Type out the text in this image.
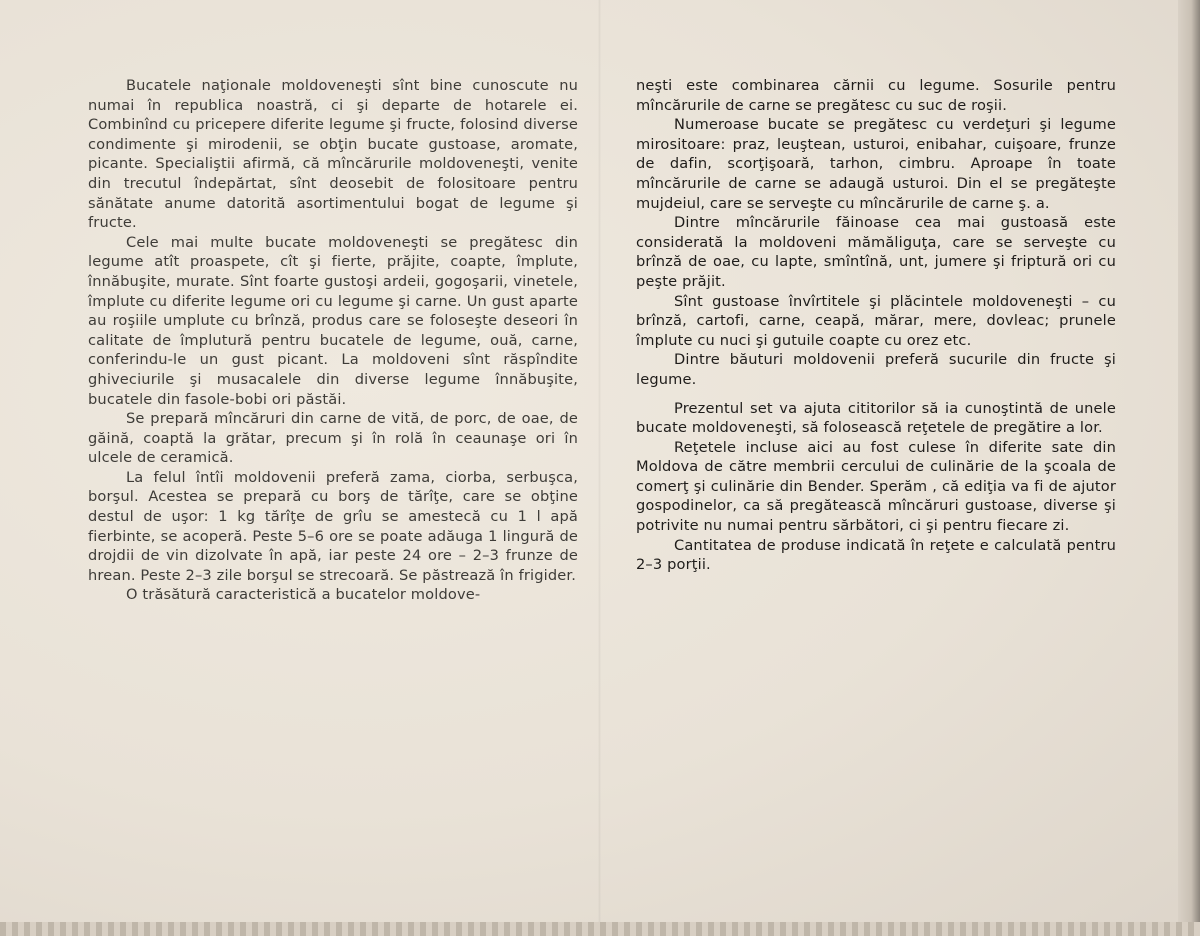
Bucatele naţionale moldoveneşti sînt bine cunoscute nu numai în republica noastră, ci şi departe de hotarele ei. Combinînd cu pricepere diferite legume şi fructe, folosind diverse condimente şi mirodenii, se obţin bucate gustoase, aromate, picante. Specialiştii afirmă, că mîncărurile moldoveneşti, venite din trecutul îndepărtat, sînt deosebit de folositoare pentru sănătate anume datorită asortimentului bogat de legume şi fructe.

Cele mai multe bucate moldoveneşti se pregătesc din legume atît proaspete, cît şi fierte, prăjite, coapte, împlute, înnăbuşite, murate. Sînt foarte gustoşi ardeii, gogoşarii, vinetele, împlute cu diferite legume ori cu legume şi carne. Un gust aparte au roşiile umplute cu brînză, produs care se foloseşte deseori în calitate de împlutură pentru bucatele de legume, ouă, carne, conferindu-le un gust picant. La moldoveni sînt răspîndite ghiveciurile şi musacalele din diverse legume înnăbuşite, bucatele din fasole-bobi ori păstăi.

Se prepară mîncăruri din carne de vită, de porc, de oae, de găină, coaptă la grătar, precum şi în rolă în ceaunaşe ori în ulcele de ceramică.

La felul întîi moldovenii preferă zama, ciorba, serbuşca, borşul. Acestea se prepară cu borş de tărîţe, care se obţine destul de uşor: 1 kg tărîţe de grîu se amestecă cu 1 l apă fierbinte, se acoperă. Peste 5–6 ore se poate adăuga 1 lingură de drojdii de vin dizolvate în apă, iar peste 24 ore – 2–3 frunze de hrean. Peste 2–3 zile borşul se strecoară. Se păstrează în frigider.

O trăsătură caracteristică a bucatelor moldove-

neşti este combinarea cărnii cu legume. Sosurile pentru mîncărurile de carne se pregătesc cu suc de roşii.

Numeroase bucate se pregătesc cu verdeţuri şi legume mirositoare: praz, leuştean, usturoi, enibahar, cuişoare, frunze de dafin, scorţişoară, tarhon, cimbru. Aproape în toate mîncărurile de carne se adaugă usturoi. Din el se pregăteşte mujdeiul, care se serveşte cu mîncărurile de carne ş. a.

Dintre mîncărurile făinoase cea mai gustoasă este considerată la moldoveni mămăliguţa, care se serveşte cu brînză de oae, cu lapte, smîntînă, unt, jumere şi friptură ori cu peşte prăjit.

Sînt gustoase învîrtitele şi plăcintele moldoveneşti – cu brînză, cartofi, carne, ceapă, mărar, mere, dovleac; prunele împlute cu nuci şi gutuile coapte cu orez etc.

Dintre băuturi moldovenii preferă sucurile din fructe şi legume.

Prezentul set va ajuta cititorilor să ia cunoştintă de unele bucate moldoveneşti, să folosească reţetele de pregătire a lor.

Reţetele incluse aici au fost culese în diferite sate din Moldova de către membrii cercului de culinărie de la şcoala de comerţ şi culinărie din Bender. Sperăm , că ediţia va fi de ajutor gospodinelor, ca să pregătească mîncăruri gustoase, diverse şi potrivite nu numai pentru sărbători, ci şi pentru fiecare zi.

Cantitatea de produse indicată în reţete e calculată pentru 2–3 porţii.
